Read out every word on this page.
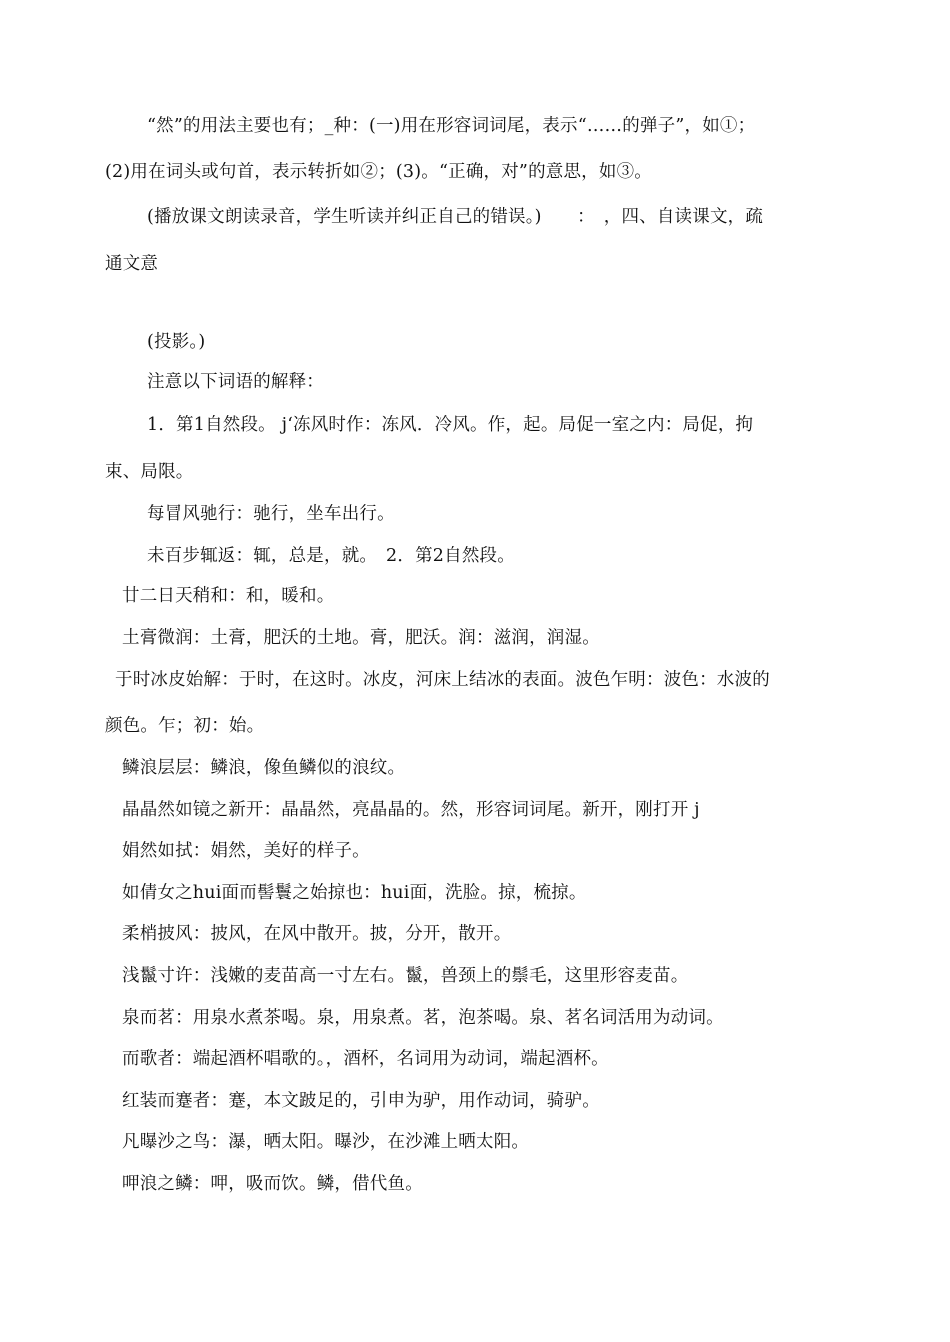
“然”的用法主要也有；_种：(一)用在形容词词尾，表示“……的弹子”，如①；
(2)用在词头或句首，表示转折如②；(3)。“正确，对”的意思，如③。
(播放课文朗读录音，学生听读并纠正自己的错误。)　　：　，四、自读课文，疏
通文意
(投影。)
注意以下词语的解释：
1．第1自然段。 j‘冻风时作：冻风．冷风。作，起。局促一室之内：局促，拘
束、局限。
每冒风驰行：驰行，坐车出行。
未百步辄返：辄，总是，就。　2．第2自然段。
廿二日天稍和：和，暖和。
土膏微润：土膏，肥沃的土地。膏，肥沃。润：滋润，润湿。
于时冰皮始解：于时，在这时。冰皮，河床上结冰的表面。波色乍明：波色：水波的
颜色。乍；初：始。
鳞浪层层：鳞浪，像鱼鳞似的浪纹。
晶晶然如镜之新开：晶晶然，亮晶晶的。然，形容词词尾。新开，刚打开 j
娟然如拭：娟然，美好的样子。
如倩女之hui面而髻鬟之始掠也：hui面，洗脸。掠，梳掠。
柔梢披风：披风，在风中散开。披，分开，散开。
浅鬣寸许：浅嫩的麦苗高一寸左右。鬣，兽颈上的鬃毛，这里形容麦苗。
泉而茗：用泉水煮茶喝。泉，用泉煮。茗，泡茶喝。泉、茗名词活用为动词。
而歌者：端起酒杯唱歌的。，酒杯，名词用为动词，端起酒杯。
红装而蹇者：蹇，本文跛足的，引申为驴，用作动词，骑驴。
凡曝沙之鸟：瀑，晒太阳。曝沙，在沙滩上晒太阳。
呷浪之鳞：呷，吸而饮。鳞，借代鱼。
